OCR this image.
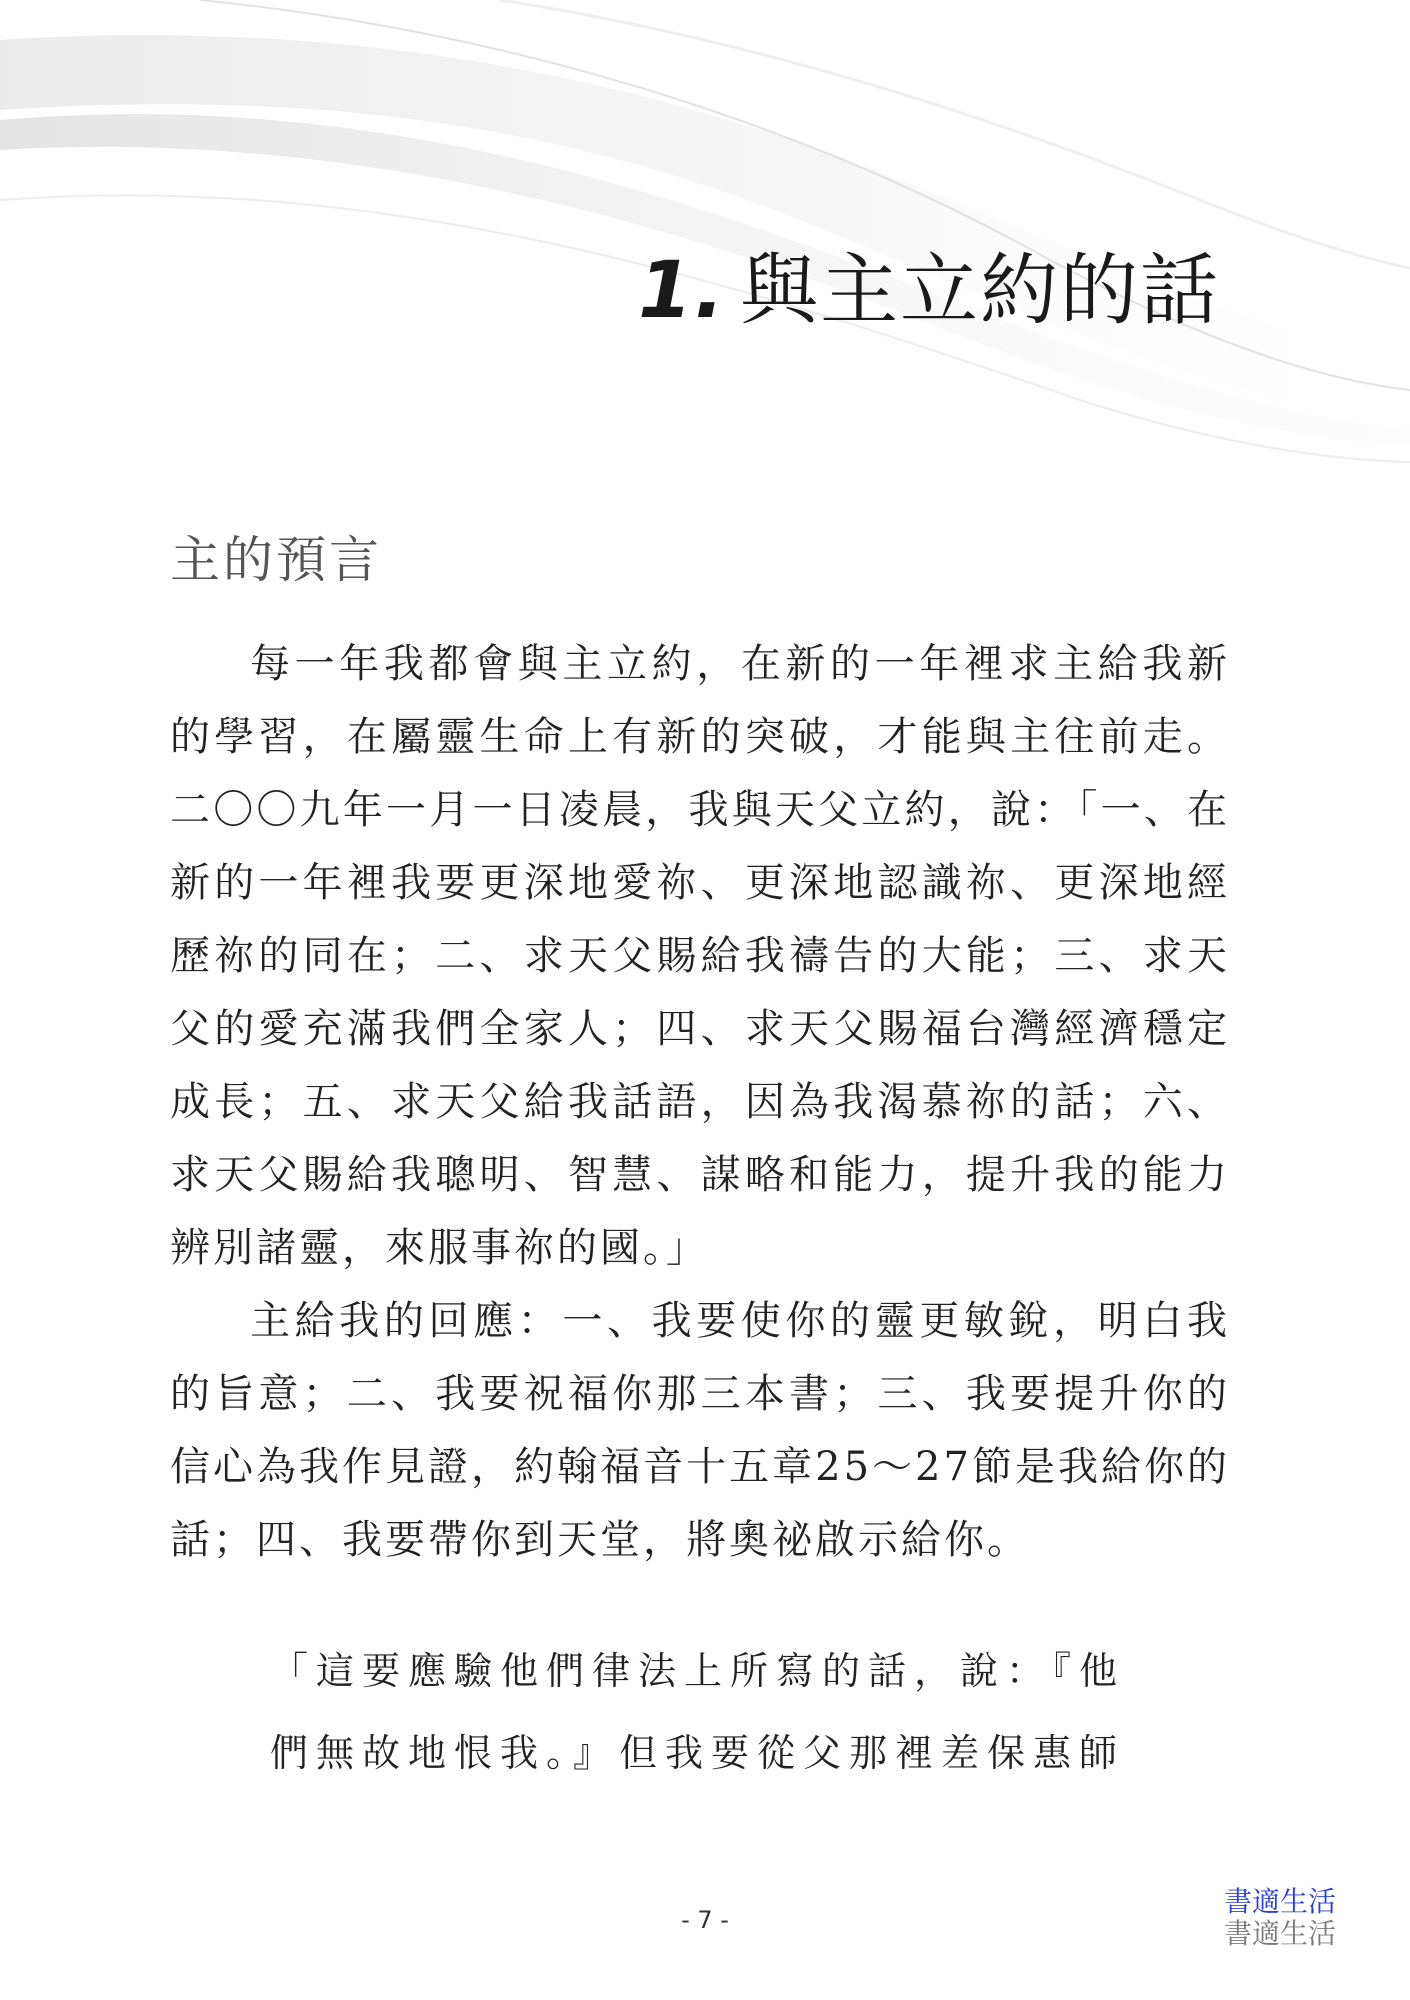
1. 與主立約的話
主的預言

每一年我都會與主立約，在新的一年裡求主給我新的學習，在屬靈生命上有新的突破，才能與主往前走。二〇〇九年一月一日凌晨，我與天父立約，說：「一、在新的一年裡我要更深地愛祢、更深地認識祢、更深地經歷祢的同在；二、求天父賜給我禱告的大能；三、求天父的愛充滿我們全家人；四、求天父賜福台灣經濟穩定成長；五、求天父給我話語，因為我渴慕祢的話；六、求天父賜給我聰明、智慧、謀略和能力，提升我的能力辨別諸靈，來服事祢的國。」

主給我的回應：一、我要使你的靈更敏銳，明白我的旨意；二、我要祝福你那三本書；三、我要提升你的信心為我作見證，約翰福音十五章25～27節是我給你的話；四、我要帶你到天堂，將奧祕啟示給你。

「這要應驗他們律法上所寫的話，說：『他

們無故地恨我。』但我要從父那裡差保惠師

- 7 -
書適生活
書適生活
